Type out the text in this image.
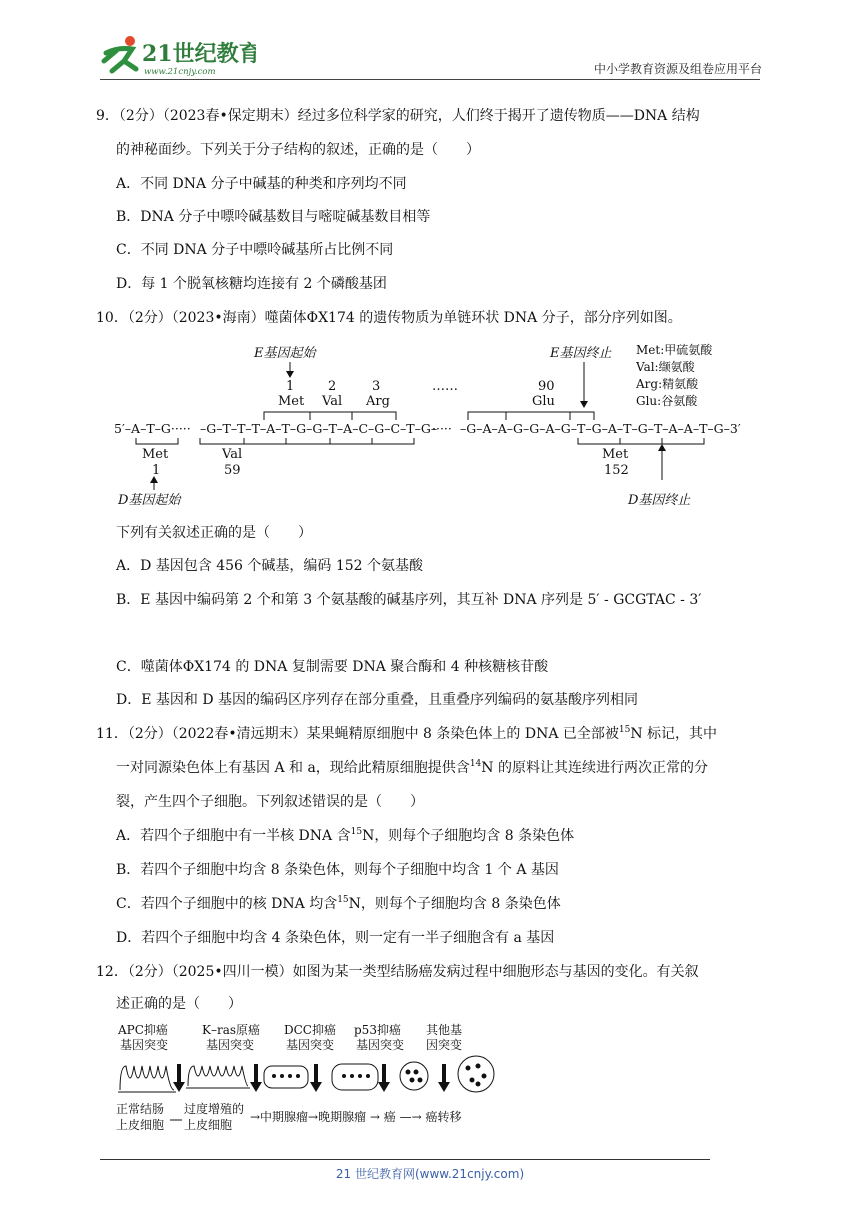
21世纪教育
www.21cnjy.com	中小学教育资源及组卷应用平台
9．（2分）（2023春•保定期末）经过多位科学家的研究，人们终于揭开了遗传物质——DNA 结构
的神秘面纱。下列关于分子结构的叙述，正确的是（　　）
A．不同 DNA 分子中碱基的种类和序列均不同
B．DNA 分子中嘌呤碱基数目与嘧啶碱基数目相等
C．不同 DNA 分子中嘌呤碱基所占比例不同
D．每 1 个脱氧核糖均连接有 2 个磷酸基团
10．（2分）（2023•海南）噬菌体ΦX174 的遗传物质为单链环状 DNA 分子，部分序列如图。
E基因起始	E基因终止 Met:甲硫氨酸
Val:缬氨酸
Arg:精氨酸
Glu:谷氨酸
1	2	3	90
Met Val Arg	Glu
……
5′–A–T–G····· –G–T–T–T–A–T–G–G–T–A–C–G–C–T–G–
····· –G–A–A–G–G–A–G–T–G–A–T–G–T–A–A–T–G–3′
Met
1
Val
59
Met
152
D基因起始	D基因终止
下列有关叙述正确的是（　　）
A．D 基因包含 456 个碱基，编码 152 个氨基酸
B．E 基因中编码第 2 个和第 3 个氨基酸的碱基序列，其互补 DNA 序列是 5′ - GCGTAC - 3′
C．噬菌体ΦX174 的 DNA 复制需要 DNA 聚合酶和 4 种核糖核苷酸
D．E 基因和 D 基因的编码区序列存在部分重叠，且重叠序列编码的氨基酸序列相同
11．（2分）（2022春•清远期末）某果蝇精原细胞中 8 条染色体上的 DNA 已全部被$^{15}$N 标记，其中
一对同源染色体上有基因 A 和 a，现给此精原细胞提供含$^{14}$N 的原料让其连续进行两次正常的分
裂，产生四个子细胞。下列叙述错误的是（　　）
A．若四个子细胞中有一半核 DNA 含$^{15}$N，则每个子细胞均含 8 条染色体
B．若四个子细胞中均含 8 条染色体，则每个子细胞中均含 1 个 A 基因
C．若四个子细胞中的核 DNA 均含$^{15}$N，则每个子细胞均含 8 条染色体
D．若四个子细胞中均含 4 条染色体，则一定有一半子细胞含有 a 基因
12．（2分）（2025•四川一模）如图为某一类型结肠癌发病过程中细胞形态与基因的变化。有关叙
述正确的是（　　）
APC抑癌
基因突变
K–ras原癌
基因突变
DCC抑癌
基因突变
p53抑癌
基因突变
其他基
因突变
正常结肠
上皮细胞
过度增殖的
上皮细胞
→中期腺瘤→晚期腺瘤 → 癌 —→ 癌转移
21 世纪教育网(www.21cnjy.com)
